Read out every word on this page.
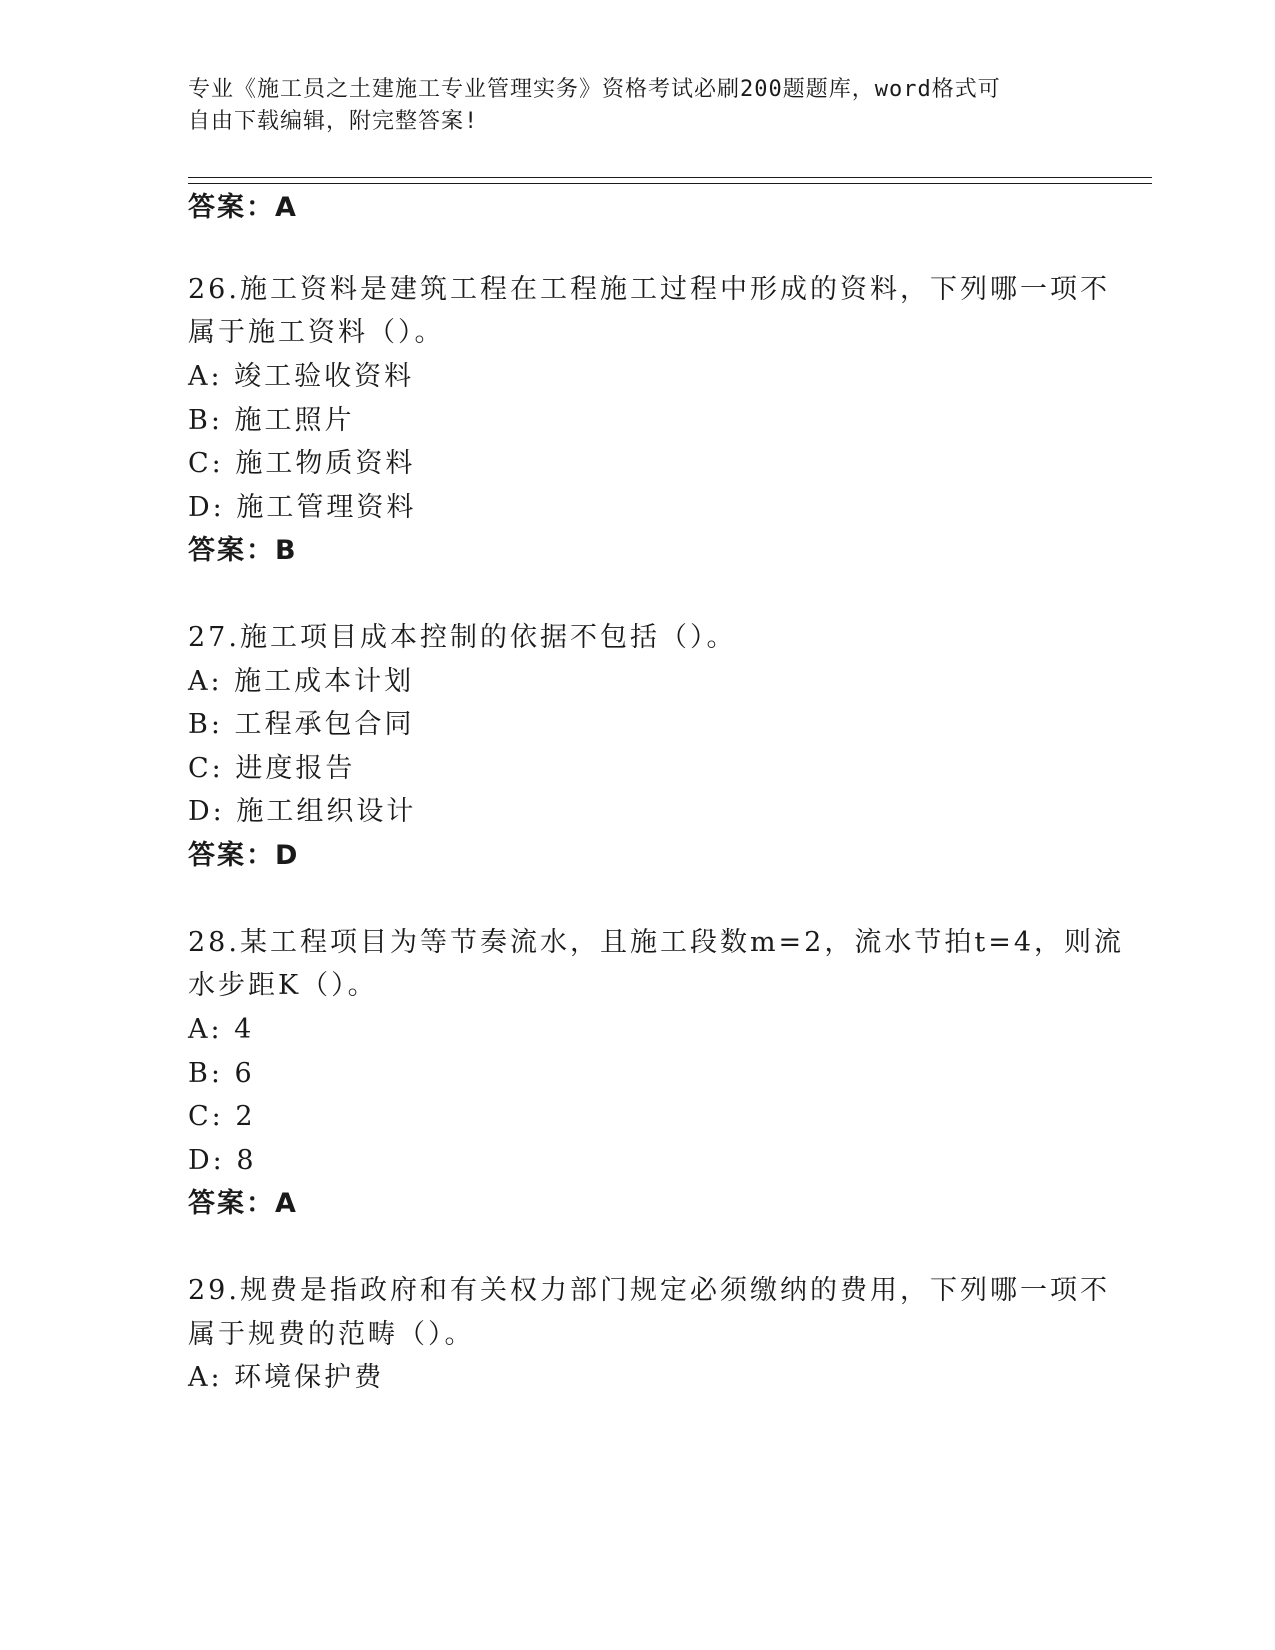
专业《施工员之土建施工专业管理实务》资格考试必刷200题题库，word格式可
自由下载编辑，附完整答案!
答案：A
26.施工资料是建筑工程在工程施工过程中形成的资料，下列哪一项不
属于施工资料（）。
A: 竣工验收资料
B: 施工照片
C: 施工物质资料
D: 施工管理资料
答案：B
27.施工项目成本控制的依据不包括（）。
A: 施工成本计划
B: 工程承包合同
C: 进度报告
D: 施工组织设计
答案：D
28.某工程项目为等节奏流水，且施工段数m=2，流水节拍t=4，则流
水步距K（）。
A: 4
B: 6
C: 2
D: 8
答案：A
29.规费是指政府和有关权力部门规定必须缴纳的费用，下列哪一项不
属于规费的范畴（）。
A: 环境保护费
